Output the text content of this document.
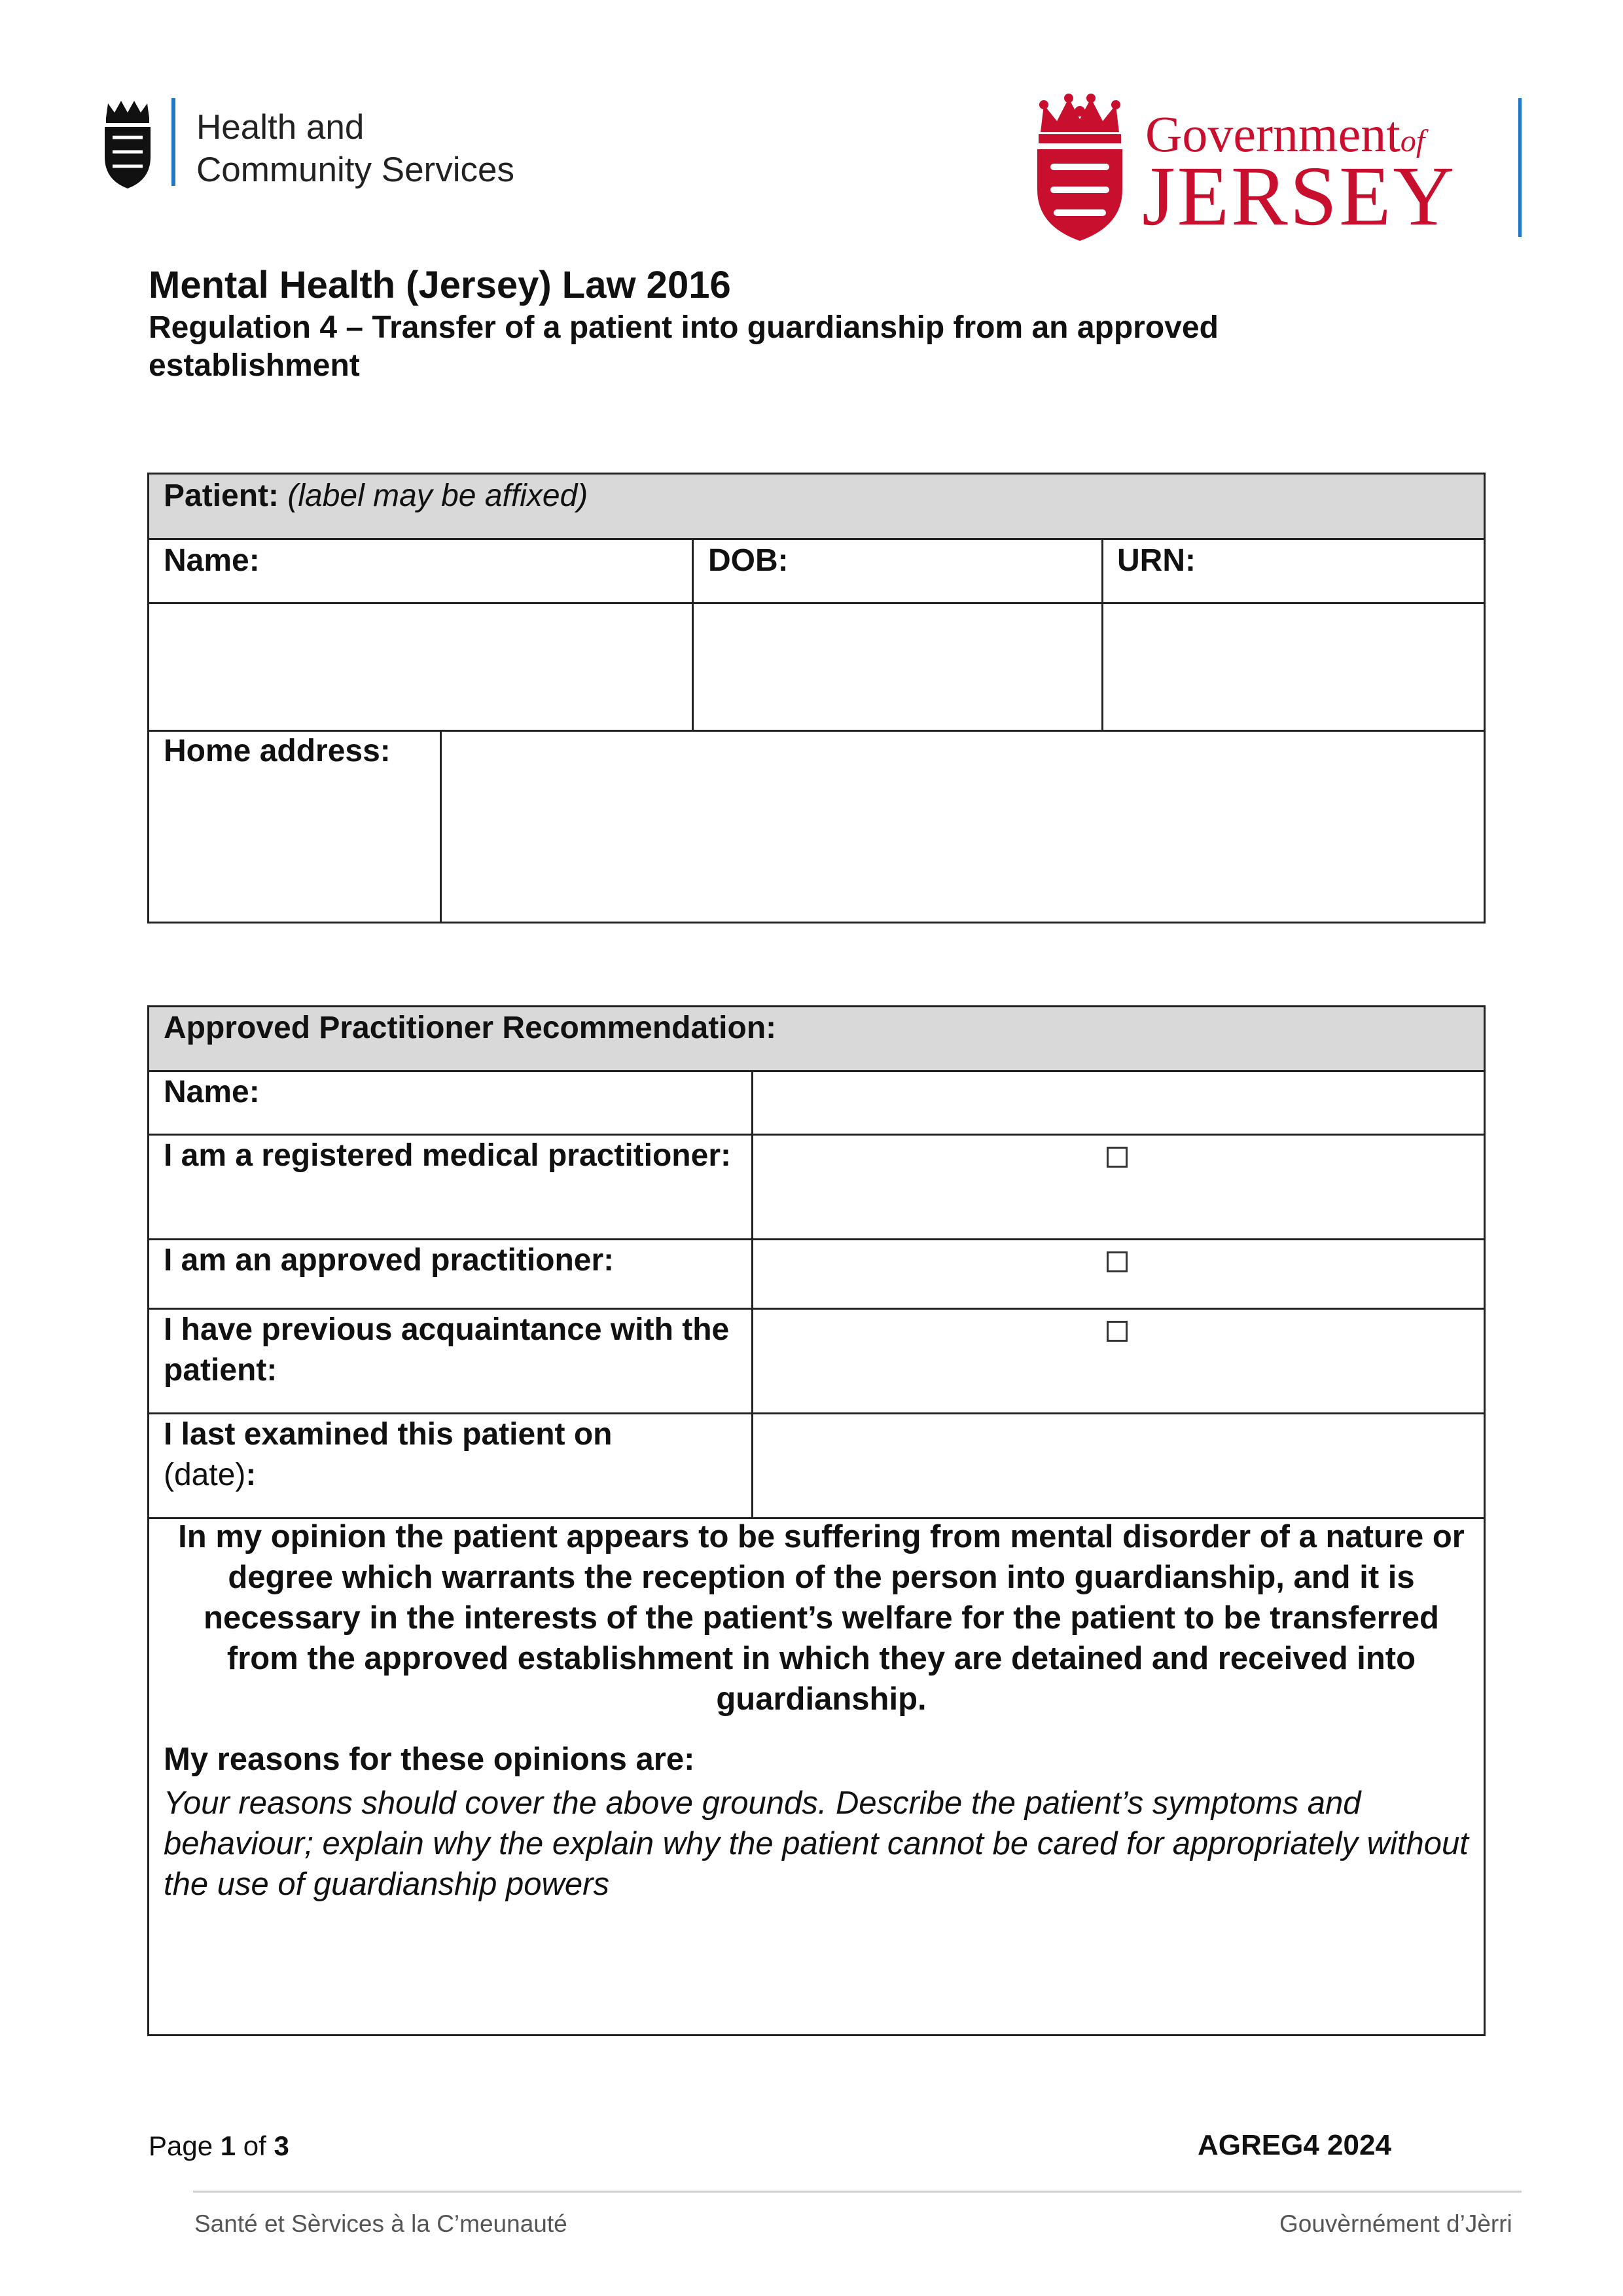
Health and
Community Services
Governmentof
JERSEY
Mental Health (Jersey) Law 2016
Regulation 4 – Transfer of a patient into guardianship from an approved establishment
Patient: (label may be affixed)
Name:	DOB:	URN:
Home address:
Approved Practitioner Recommendation:
Name:
I am a registered medical practitioner:
I am an approved practitioner:
I have previous acquaintance with the patient:
I last examined this patient on
(date):
In my opinion the patient appears to be suffering from mental disorder of a nature or degree which warrants the reception of the person into guardianship, and it is necessary in the interests of the patient’s welfare for the patient to be transferred from the approved establishment in which they are detained and received into guardianship.
My reasons for these opinions are:
Your reasons should cover the above grounds. Describe the patient’s symptoms and behaviour; explain why the explain why the patient cannot be cared for appropriately without the use of guardianship powers
Page 1 of 3	AGREG4 2024
Santé et Sèrvices à la C’meunauté	Gouvèrnément d’Jèrri
